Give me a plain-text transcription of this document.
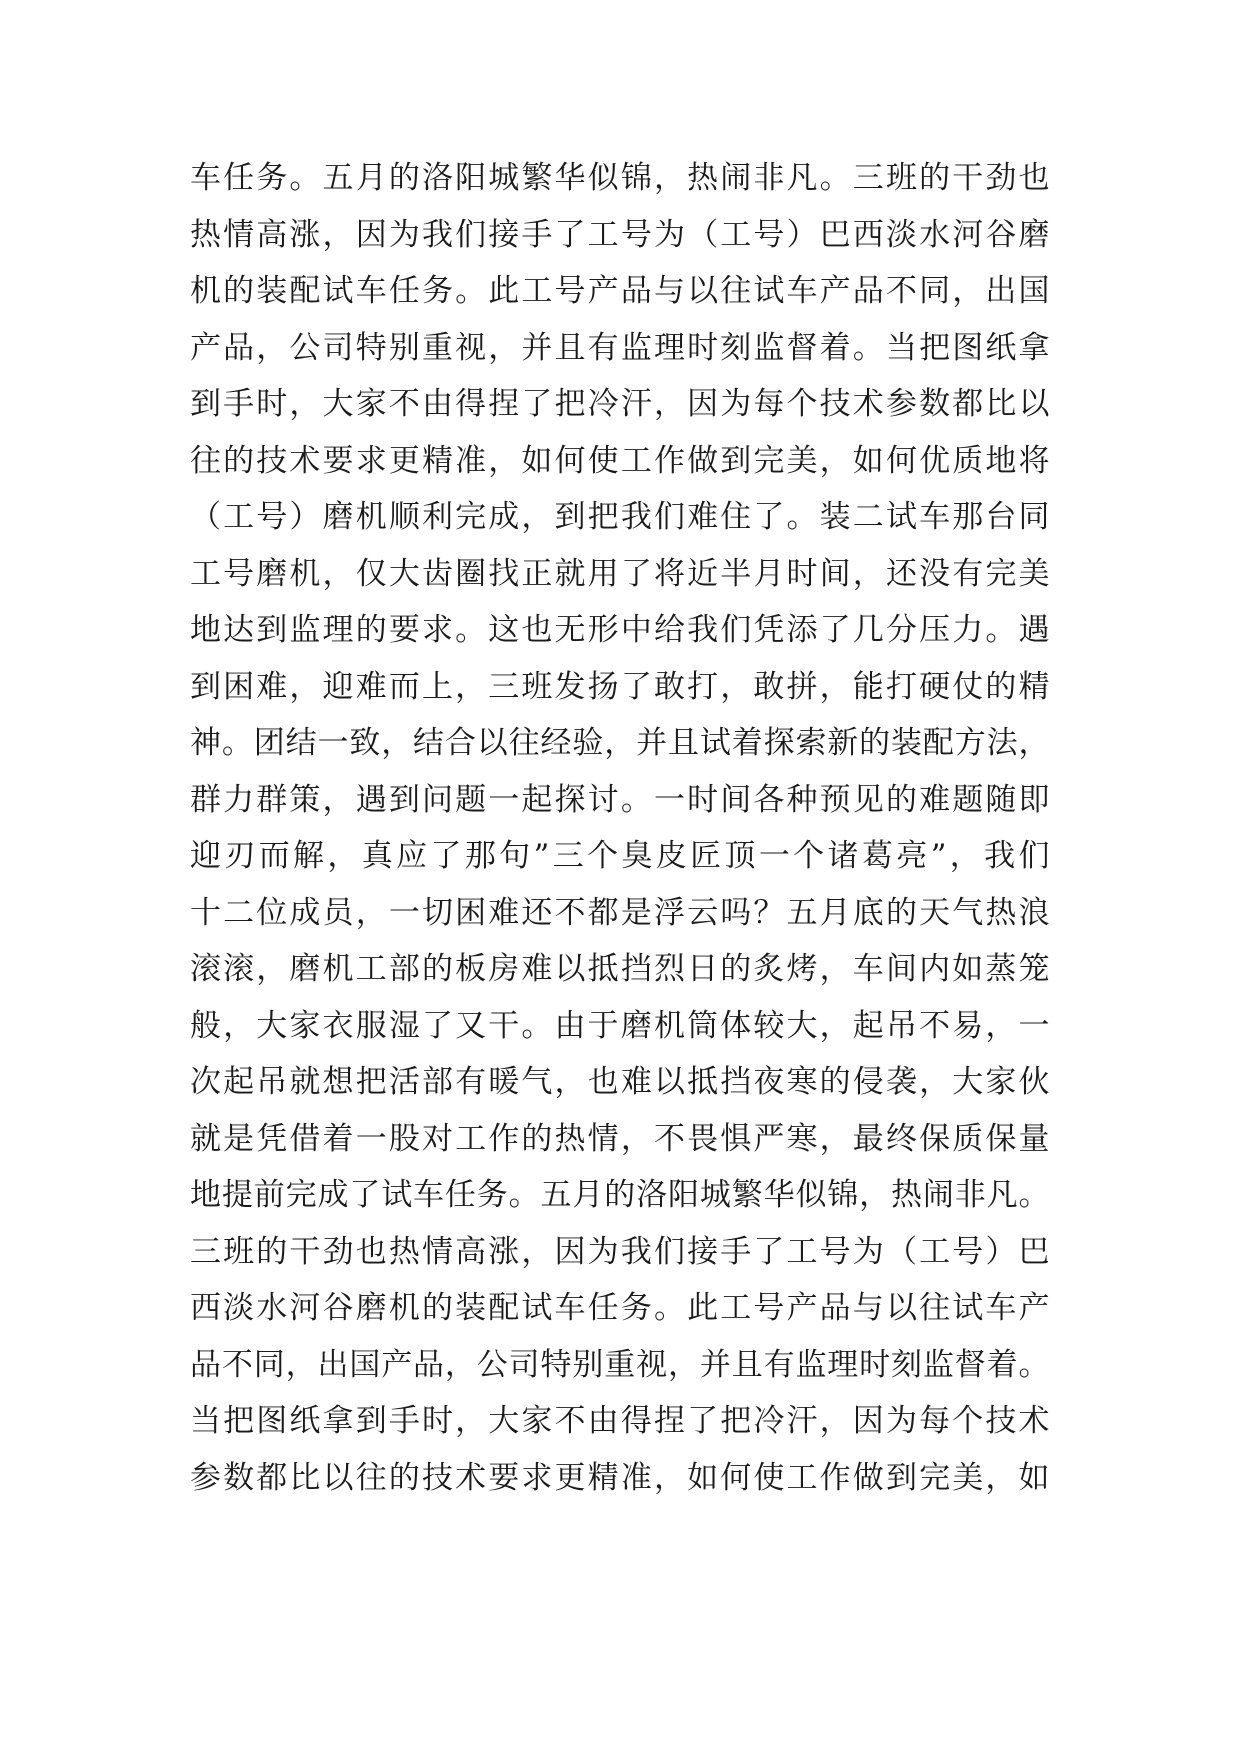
车任务。五月的洛阳城繁华似锦，热闹非凡。三班的干劲也
热情高涨，因为我们接手了工号为（工号）巴西淡水河谷磨
机的装配试车任务。此工号产品与以往试车产品不同，出国
产品，公司特别重视，并且有监理时刻监督着。当把图纸拿
到手时，大家不由得捏了把冷汗，因为每个技术参数都比以
往的技术要求更精准，如何使工作做到完美，如何优质地将
（工号）磨机顺利完成，到把我们难住了。装二试车那台同
工号磨机，仅大齿圈找正就用了将近半月时间，还没有完美
地达到监理的要求。这也无形中给我们凭添了几分压力。遇
到困难，迎难而上，三班发扬了敢打，敢拼，能打硬仗的精
神。团结一致，结合以往经验，并且试着探索新的装配方法，
群力群策，遇到问题一起探讨。一时间各种预见的难题随即
迎刃而解，真应了那句”三个臭皮匠顶一个诸葛亮”，我们
十二位成员，一切困难还不都是浮云吗？五月底的天气热浪
滚滚，磨机工部的板房难以抵挡烈日的炙烤，车间内如蒸笼
般，大家衣服湿了又干。由于磨机筒体较大，起吊不易，一
次起吊就想把活部有暖气，也难以抵挡夜寒的侵袭，大家伙
就是凭借着一股对工作的热情，不畏惧严寒，最终保质保量
地提前完成了试车任务。五月的洛阳城繁华似锦，热闹非凡。
三班的干劲也热情高涨，因为我们接手了工号为（工号）巴
西淡水河谷磨机的装配试车任务。此工号产品与以往试车产
品不同，出国产品，公司特别重视，并且有监理时刻监督着。
当把图纸拿到手时，大家不由得捏了把冷汗，因为每个技术
参数都比以往的技术要求更精准，如何使工作做到完美，如
